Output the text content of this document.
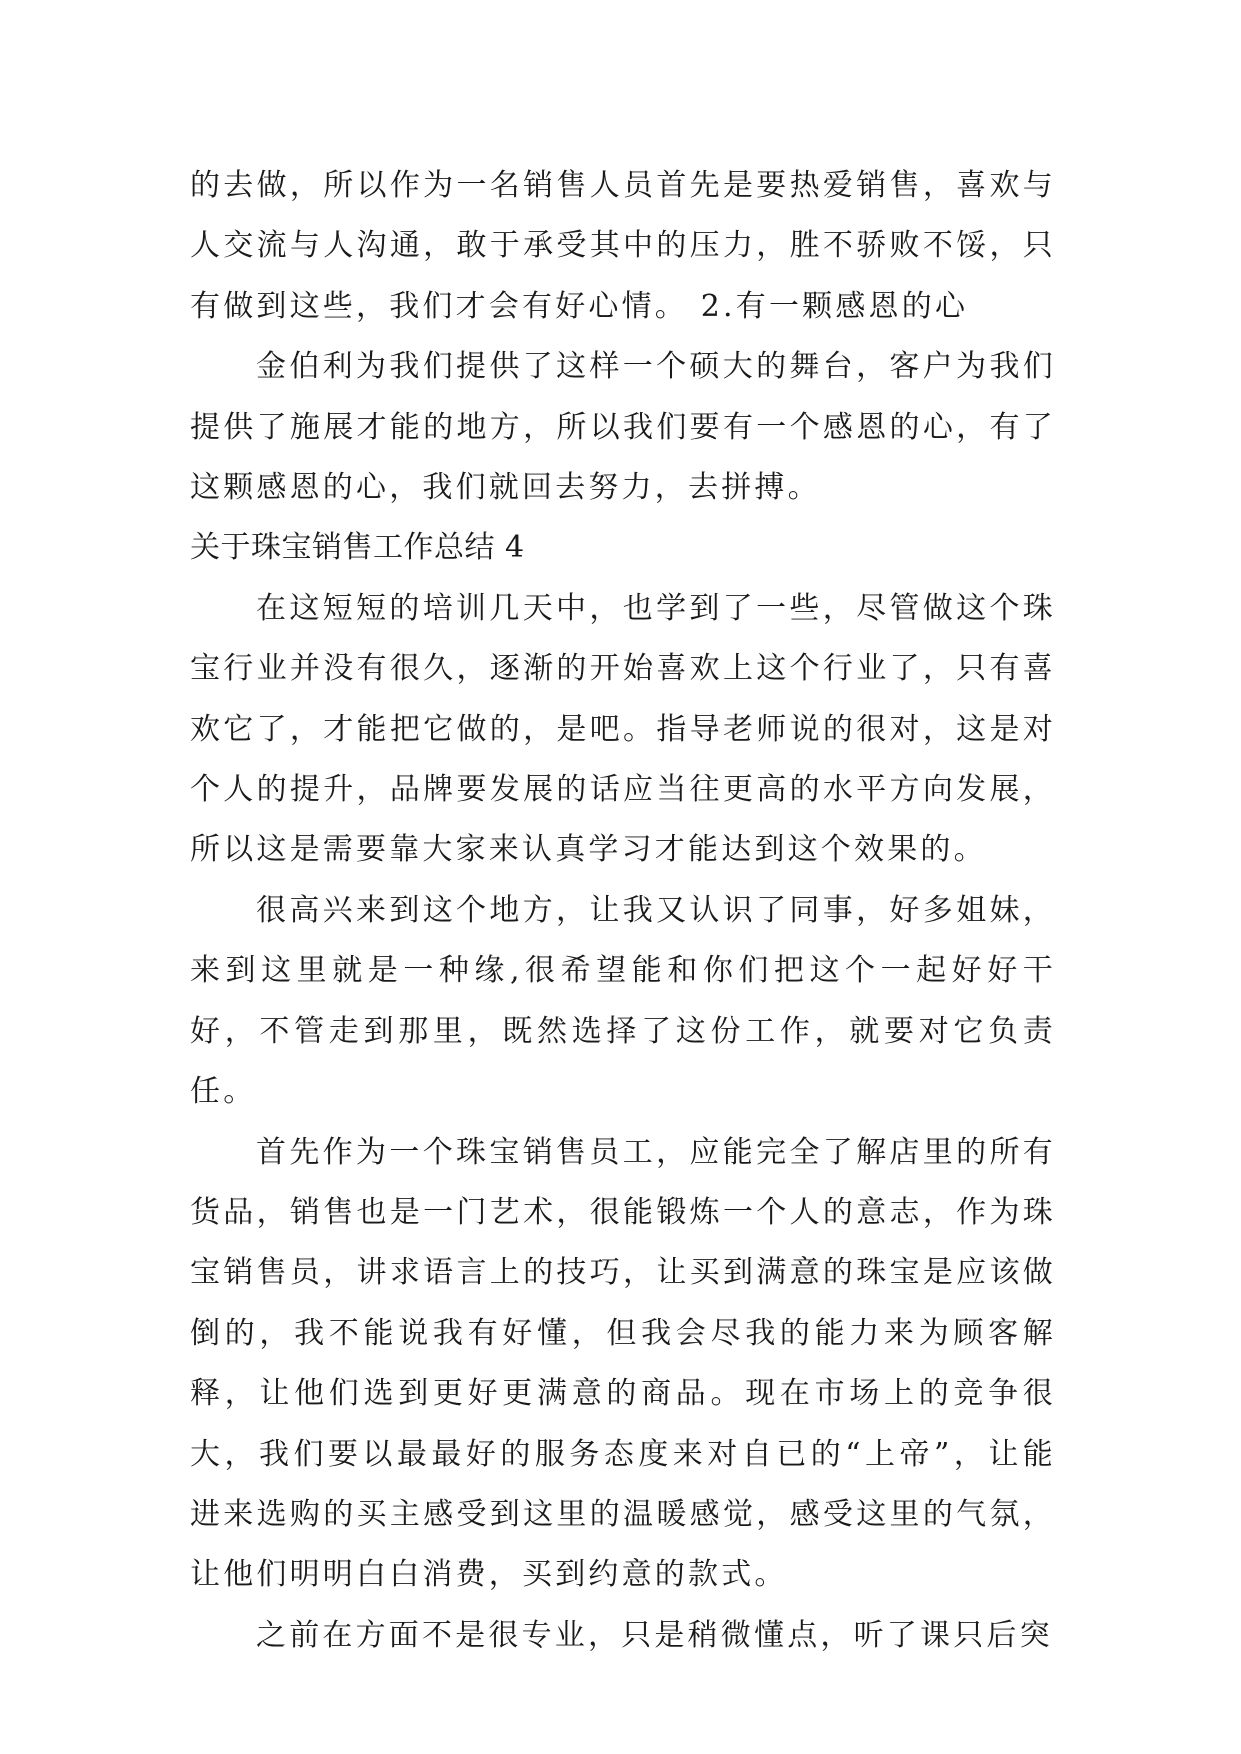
的去做，所以作为一名销售人员首先是要热爱销售，喜欢与人交流与人沟通，敢于承受其中的压力，胜不骄败不馁，只有做到这些，我们才会有好心情。 2.有一颗感恩的心

金伯利为我们提供了这样一个硕大的舞台，客户为我们提供了施展才能的地方，所以我们要有一个感恩的心，有了这颗感恩的心，我们就回去努力，去拼搏。

关于珠宝销售工作总结 4

在这短短的培训几天中，也学到了一些，尽管做这个珠宝行业并没有很久，逐渐的开始喜欢上这个行业了，只有喜欢它了，才能把它做的，是吧。指导老师说的很对，这是对个人的提升，品牌要发展的话应当往更高的水平方向发展，所以这是需要靠大家来认真学习才能达到这个效果的。

很高兴来到这个地方，让我又认识了同事，好多姐妹，来到这里就是一种缘,很希望能和你们把这个一起好好干好，不管走到那里，既然选择了这份工作，就要对它负责任。

首先作为一个珠宝销售员工，应能完全了解店里的所有货品，销售也是一门艺术，很能锻炼一个人的意志，作为珠宝销售员，讲求语言上的技巧，让买到满意的珠宝是应该做倒的，我不能说我有好懂，但我会尽我的能力来为顾客解释，让他们选到更好更满意的商品。现在市场上的竞争很大，我们要以最最好的服务态度来对自已的“上帝”，让能进来选购的买主感受到这里的温暖感觉，感受这里的气氛，让他们明明白白消费，买到约意的款式。

之前在方面不是很专业，只是稍微懂点，听了课只后突
